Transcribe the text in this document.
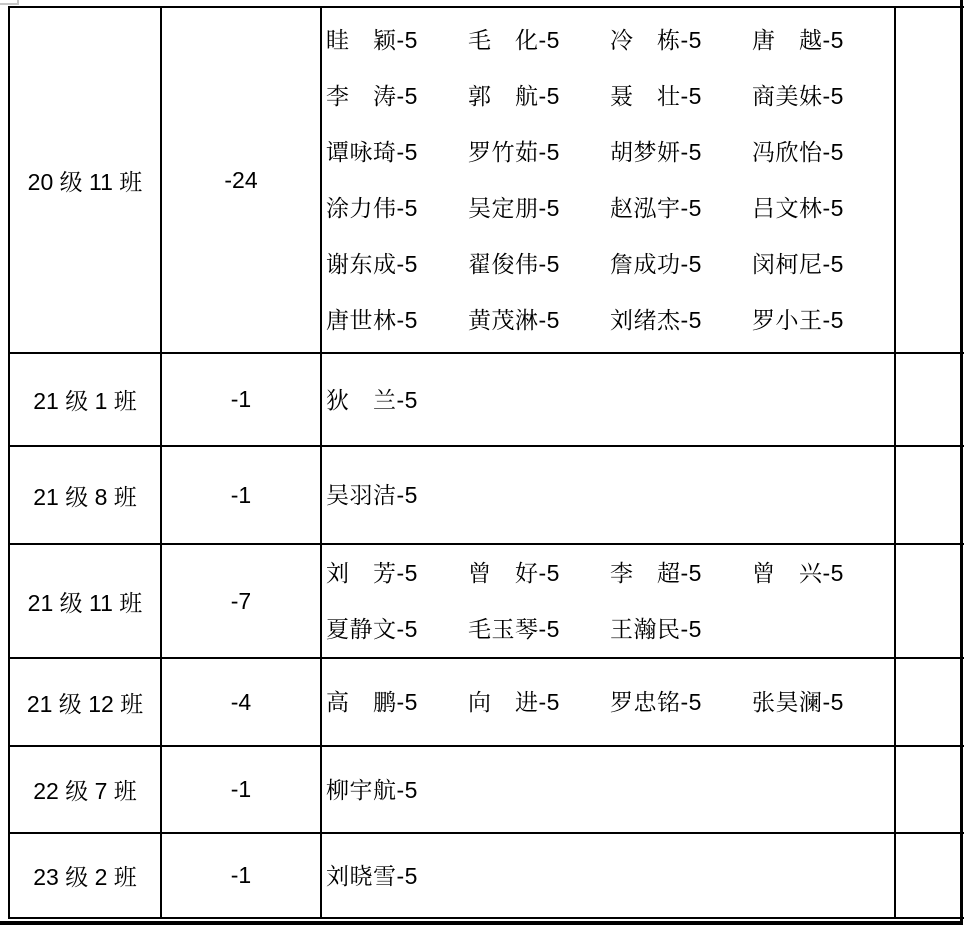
20 级 11 班	-24	
眭　颖-5	毛　化-5	冷　栋-5	唐　越-5
李　涛-5	郭　航-5	聂　壮-5	商美妹-5
谭咏琦-5	罗竹茹-5	胡梦妍-5	冯欣怡-5
涂力伟-5	吴定朋-5	赵泓宇-5	吕文林-5
谢东成-5	翟俊伟-5	詹成功-5	闵柯尼-5
唐世林-5	黄茂淋-5	刘绪杰-5	罗小王-5

21 级 1 班	-1	狄　兰-5	

21 级 8 班	-1	吴羽洁-5	

21 级 11 班	-7	
刘　芳-5	曾　好-5	李　超-5	曾　兴-5
夏静文-5	毛玉琴-5	王瀚民-5

21 级 12 班	-4	高　鹏-5 向　进-5 罗忠铭-5 张昊澜-5	

22 级 7 班	-1	柳宇航-5	

23 级 2 班	-1	刘晓雪-5	
